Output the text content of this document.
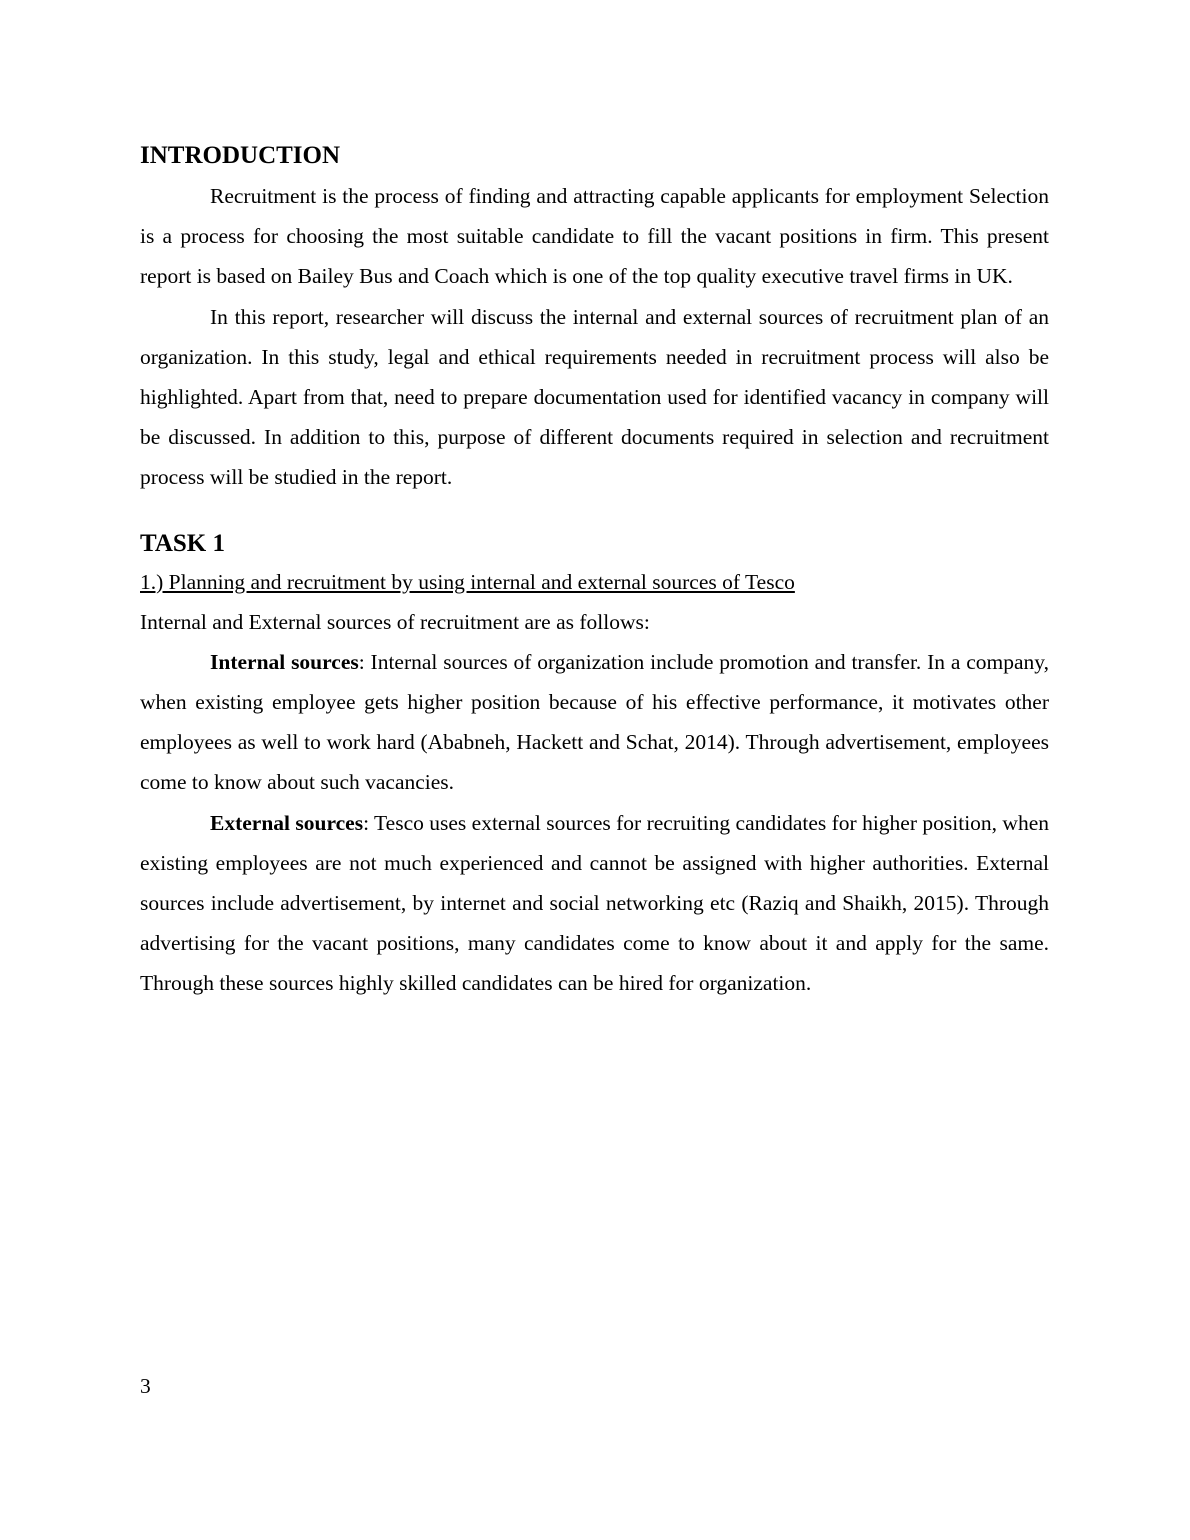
INTRODUCTION

Recruitment is the process of finding and attracting capable applicants for employment Selection is a process for choosing the most suitable candidate to fill the vacant positions in firm. This present report is based on Bailey Bus and Coach which is one of the top quality executive travel firms in UK.

In this report, researcher will discuss the internal and external sources of recruitment plan of an organization. In this study, legal and ethical requirements needed in recruitment process will also be highlighted. Apart from that, need to prepare documentation used for identified vacancy in company will be discussed. In addition to this, purpose of different documents required in selection and recruitment process will be studied in the report.

TASK 1

1.) Planning and recruitment by using internal and external sources of Tesco

Internal and External sources of recruitment are as follows:

Internal sources: Internal sources of organization include promotion and transfer. In a company, when existing employee gets higher position because of his effective performance, it motivates other employees as well to work hard (Ababneh, Hackett and Schat, 2014). Through advertisement, employees come to know about such vacancies.

External sources: Tesco uses external sources for recruiting candidates for higher position, when existing employees are not much experienced and cannot be assigned with higher authorities. External sources include advertisement, by internet and social networking etc (Raziq and Shaikh, 2015). Through advertising for the vacant positions, many candidates come to know about it and apply for the same. Through these sources highly skilled candidates can be hired for organization.

3
